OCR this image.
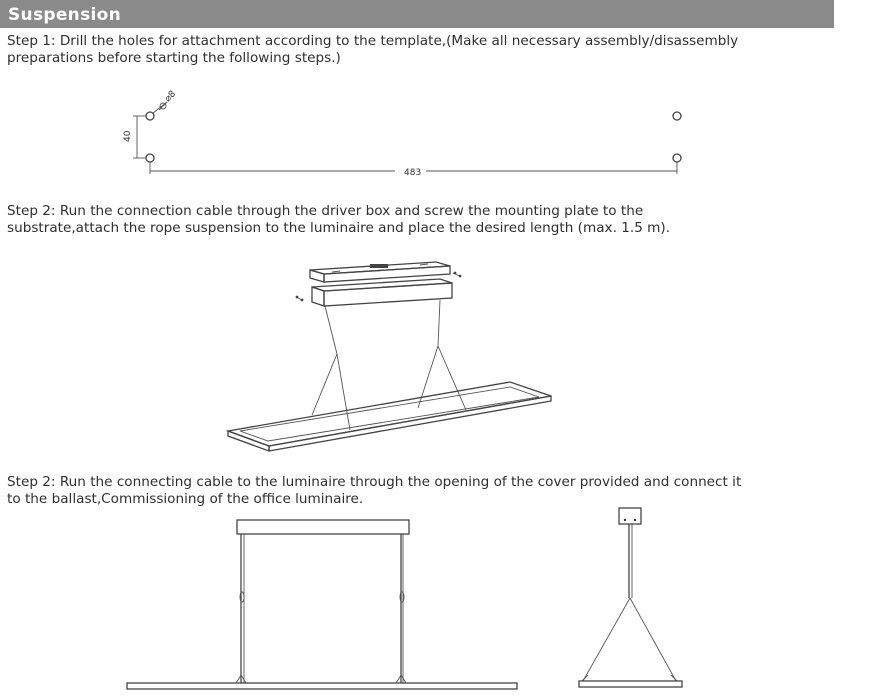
Suspension

Step 1: Drill the holes for attachment according to the template,(Make all necessary assembly/disassembly
preparations before starting the following steps.)

⌀8
40
483

Step 2: Run the connection cable through the driver box and screw the mounting plate to the
substrate,attach the rope suspension to the luminaire and place the desired length (max. 1.5 m).

Step 2: Run the connecting cable to the luminaire through the opening of the cover provided and connect it
to the ballast,Commissioning of the office luminaire.
